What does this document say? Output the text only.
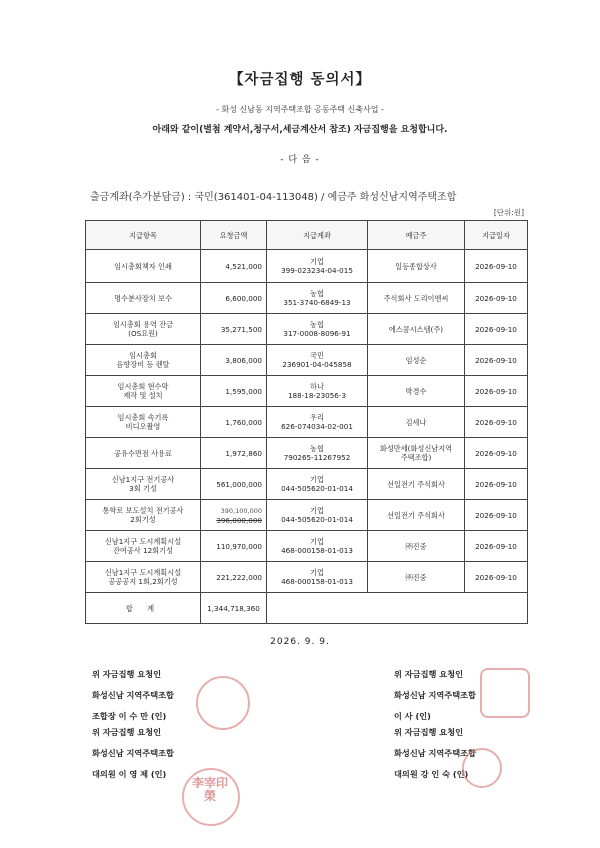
【자금집행 동의서】
- 화성 신남동 지역주택조합 공동주택 신축사업 -
아래와 같이(별첨 계약서,청구서,세금계산서 참조) 자금집행을 요청합니다.
- 다 음 -
출금계좌(추가분담금) : 국민(361401-04-113048) / 예금주 화성신남지역주택조합
[단위:원]
지급항목	요청금액	지급계좌	예금주	지급일자
임시총회책자 인쇄	4,521,000	기업
399-023234-04-015	일등종합상사	2026-09-10
명수분사장치 보수	6,600,000	농협
351-3740-6849-13	주식회사 도리이엔씨	2026-09-10
임시총회 용역 잔금
(OS요원)	35,271,500	농협
317-0008-8096-91	에스콤시스템(주)	2026-09-10
임시총회
음향장비 등 렌탈	3,806,000	국민
236901-04-045858	임성순	2026-09-10
임시총회 현수막
제작 및 설치	1,595,000	하나
188-18-23056-3	박경수	2026-09-10
임시총회 속기록
비디오촬영	1,760,000	우리
626-074034-02-001	김세나	2026-09-10
공유수면점 사용료	1,972,860	농협
790265-11267952	화성만세(화성신남지역
주택조합)	2026-09-10
신남1지구 전기공사
3회 기성	561,000,000	기업
044-505620-01-014	선일전기 주식회사	2026-09-10
통학로 보도설치 전기공사
2회기성	390,100,000
396,000,000	기업
044-505620-01-014	선일전기 주식회사	2026-09-10
신남1지구 도시계획시설
잔여공사 12회기성	110,970,000	기업
468-000158-01-013	㈜진중	2026-09-10
신남1지구 도시계획시설
공공공지 1회,2회기성	221,222,000	기업
468-000158-01-013	㈜진중	2026-09-10
합 계	1,344,718,360			
2026. 9. 9.
위 자금집행 요청인
화성신남 지역주택조합
조합장 이 수 만 (인)
위 자금집행 요청인
화성신남 지역주택조합
이 사 (인)
위 자금집행 요청인
화성신남 지역주택조합
대의원 이 영 제 (인)
위 자금집행 요청인
화성신남 지역주택조합
대의원 강 인 숙 (인)
李宰印榮
